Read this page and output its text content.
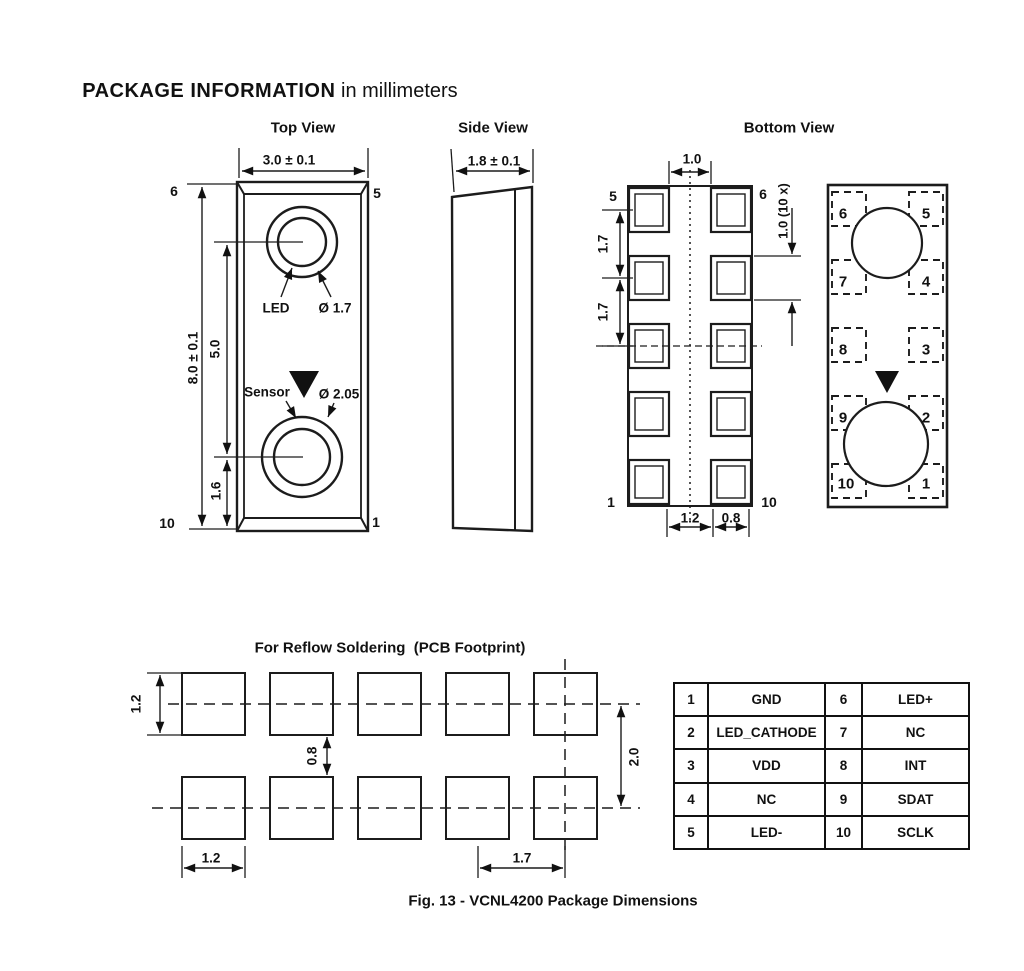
PACKAGE INFORMATION in millimeters

Top View
3.0 ± 0.1
6	5
10	1
8.0 ± 0.1 5.0
1.6
LED Ø 1.7
Sensor Ø 2.05
Side View
1.8 ± 0.1
Bottom View
1.0
5	6
1	10
1.7
1.7
1.0 (10 x)
1.2 0.8
6
7
8
9
10
5
4
3
2
1
For Reflow Soldering  (PCB Footprint)
1.2
0.8	2.0
1.2	1.7
1	GND	6	LED+
2	LED_CATHODE	7	NC
3	VDD	8	INT
4	NC	9	SDAT
5	LED-	10	SCLK
Fig. 13 - VCNL4200 Package Dimensions
